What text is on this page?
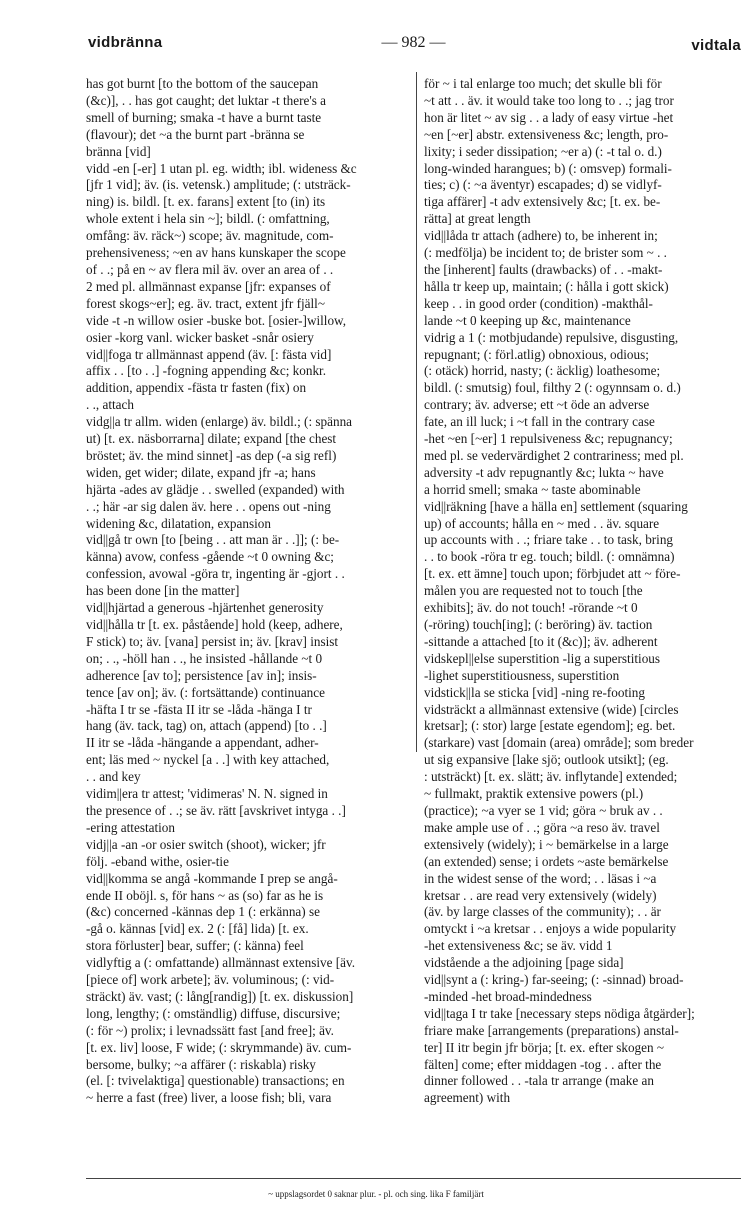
vidbränna	— 982 —	vidtala
has got burnt [to the bottom of the saucepan
(&c)], . . has got caught; det luktar -t there's a
smell of burning; smaka -t have a burnt taste
(flavour); det ~a the burnt part -bränna se
bränna [vid]
vidd -en [-er] 1 utan pl. eg. width; ibl. wideness &c
[jfr 1 vid]; äv. (is. vetensk.) amplitude; (: utsträck-
ning) is. bildl. [t. ex. farans] extent [to (in) its
whole extent i hela sin ~]; bildl. (: omfattning,
omfång: äv. räck~) scope; äv. magnitude, com-
prehensiveness; ~en av hans kunskaper the scope
of . .; på en ~ av flera mil äv. over an area of . .
2 med pl. allmännast expanse [jfr: expanses of
forest skogs~er]; eg. äv. tract, extent jfr fjäll~
vide -t -n willow osier -buske bot. [osier-]willow,
osier -korg vanl. wicker basket -snår osiery
vid||foga tr allmännast append (äv. [: fästa vid]
affix . . [to . .] -fogning appending &c; konkr.
addition, appendix -fästa tr fasten (fix) on
. ., attach
vidg||a tr allm. widen (enlarge) äv. bildl.; (: spänna
ut) [t. ex. näsborrarna] dilate; expand [the chest
bröstet; äv. the mind sinnet] -as dep (-a sig refl)
widen, get wider; dilate, expand jfr -a; hans
hjärta -ades av glädje . . swelled (expanded) with
. .; här -ar sig dalen äv. here . . opens out -ning
widening &c, dilatation, expansion
vid||gå tr own [to [being . . att man är . .]]; (: be-
känna) avow, confess -gående ~t 0 owning &c;
confession, avowal -göra tr, ingenting är -gjort . .
has been done [in the matter]
vid||hjärtad a generous -hjärtenhet generosity
vid||hålla tr [t. ex. påstående] hold (keep, adhere,
F stick) to; äv. [vana] persist in; äv. [krav] insist
on; . ., -höll han . ., he insisted -hållande ~t 0
adherence [av to]; persistence [av in]; insis-
tence [av on]; äv. (: fortsättande) continuance
-häfta I tr se -fästa II itr se -låda -hänga I tr
hang (äv. tack, tag) on, attach (append) [to . .]
II itr se -låda -hängande a appendant, adher-
ent; läs med ~ nyckel [a . .] with key attached,
. . and key
vidim||era tr attest; 'vidimeras' N. N. signed in
the presence of . .; se äv. rätt [avskrivet intyga . .]
-ering attestation
vidj||a -an -or osier switch (shoot), wicker; jfr
följ. -eband withe, osier-tie
vid||komma se angå -kommande I prep se angå-
ende II oböjl. s, för hans ~ as (so) far as he is
(&c) concerned -kännas dep 1 (: erkänna) se
-gå o. kännas [vid] ex. 2 (: [få] lida) [t. ex.
stora förluster] bear, suffer; (: känna) feel
vidlyftig a (: omfattande) allmännast extensive [äv.
[piece of] work arbete]; äv. voluminous; (: vid-
sträckt) äv. vast; (: lång[randig]) [t. ex. diskussion]
long, lengthy; (: omständlig) diffuse, discursive;
(: för ~) prolix; i levnadssätt fast [and free]; äv.
[t. ex. liv] loose, F wide; (: skrymmande) äv. cum-
bersome, bulky; ~a affärer (: riskabla) risky
(el. [: tvivelaktiga] questionable) transactions; en
~ herre a fast (free) liver, a loose fish; bli, vara
för ~ i tal enlarge too much; det skulle bli för
~t att . . äv. it would take too long to . .; jag tror
hon är litet ~ av sig . . a lady of easy virtue -het
~en [~er] abstr. extensiveness &c; length, pro-
lixity; i seder dissipation; ~er a) (: -t tal o. d.)
long-winded harangues; b) (: omsvep) formali-
ties; c) (: ~a äventyr) escapades; d) se vidlyf-
tiga affärer] -t adv extensively &c; [t. ex. be-
rätta] at great length
vid||låda tr attach (adhere) to, be inherent in;
(: medfölja) be incident to; de brister som ~ . .
the [inherent] faults (drawbacks) of . . -makt-
hålla tr keep up, maintain; (: hålla i gott skick)
keep . . in good order (condition) -makthål-
lande ~t 0 keeping up &c, maintenance
vidrig a 1 (: motbjudande) repulsive, disgusting,
repugnant; (: förl.atlig) obnoxious, odious;
(: otäck) horrid, nasty; (: äcklig) loathesome;
bildl. (: smutsig) foul, filthy 2 (: ogynnsam o. d.)
contrary; äv. adverse; ett ~t öde an adverse
fate, an ill luck; i ~t fall in the contrary case
-het ~en [~er] 1 repulsiveness &c; repugnancy;
med pl. se vedervärdighet 2 contrariness; med pl.
adversity -t adv repugnantly &c; lukta ~ have
a horrid smell; smaka ~ taste abominable
vid||räkning [have a hälla en] settlement (squaring
up) of accounts; hålla en ~ med . . äv. square
up accounts with . .; friare take . . to task, bring
. . to book -röra tr eg. touch; bildl. (: omnämna)
[t. ex. ett ämne] touch upon; förbjudet att ~ före-
målen you are requested not to touch [the
exhibits]; äv. do not touch! -rörande ~t 0
(-röring) touch[ing]; (: beröring) äv. taction
-sittande a attached [to it (&c)]; äv. adherent
vidskepl||else superstition -lig a superstitious
-lighet superstitiousness, superstition
vidstick||la se sticka [vid] -ning re-footing
vidsträckt a allmännast extensive (wide) [circles
kretsar]; (: stor) large [estate egendom]; eg. bet.
(starkare) vast [domain (area) område]; som breder
ut sig expansive [lake sjö; outlook utsikt]; (eg.
: utsträckt) [t. ex. slätt; äv. inflytande] extended;
~ fullmakt, praktik extensive powers (pl.)
(practice); ~a vyer se 1 vid; göra ~ bruk av . .
make ample use of . .; göra ~a reso äv. travel
extensively (widely); i ~ bemärkelse in a large
(an extended) sense; i ordets ~aste bemärkelse
in the widest sense of the word; . . läsas i ~a
kretsar . . are read very extensively (widely)
(äv. by large classes of the community); . . är
omtyckt i ~a kretsar . . enjoys a wide popularity
-het extensiveness &c; se äv. vidd 1
vidstående a the adjoining [page sida]
vid||synt a (: kring-) far-seeing; (: -sinnad) broad-
-minded -het broad-mindedness
vid||taga I tr take [necessary steps nödiga åtgärder];
friare make [arrangements (preparations) anstal-
ter] II itr begin jfr börja; [t. ex. efter skogen ~
fälten] come; efter middagen -tog . . after the
dinner followed . . -tala tr arrange (make an
agreement) with
~ uppslagsordet 0 saknar plur. - pl. och sing. lika F familjärt
